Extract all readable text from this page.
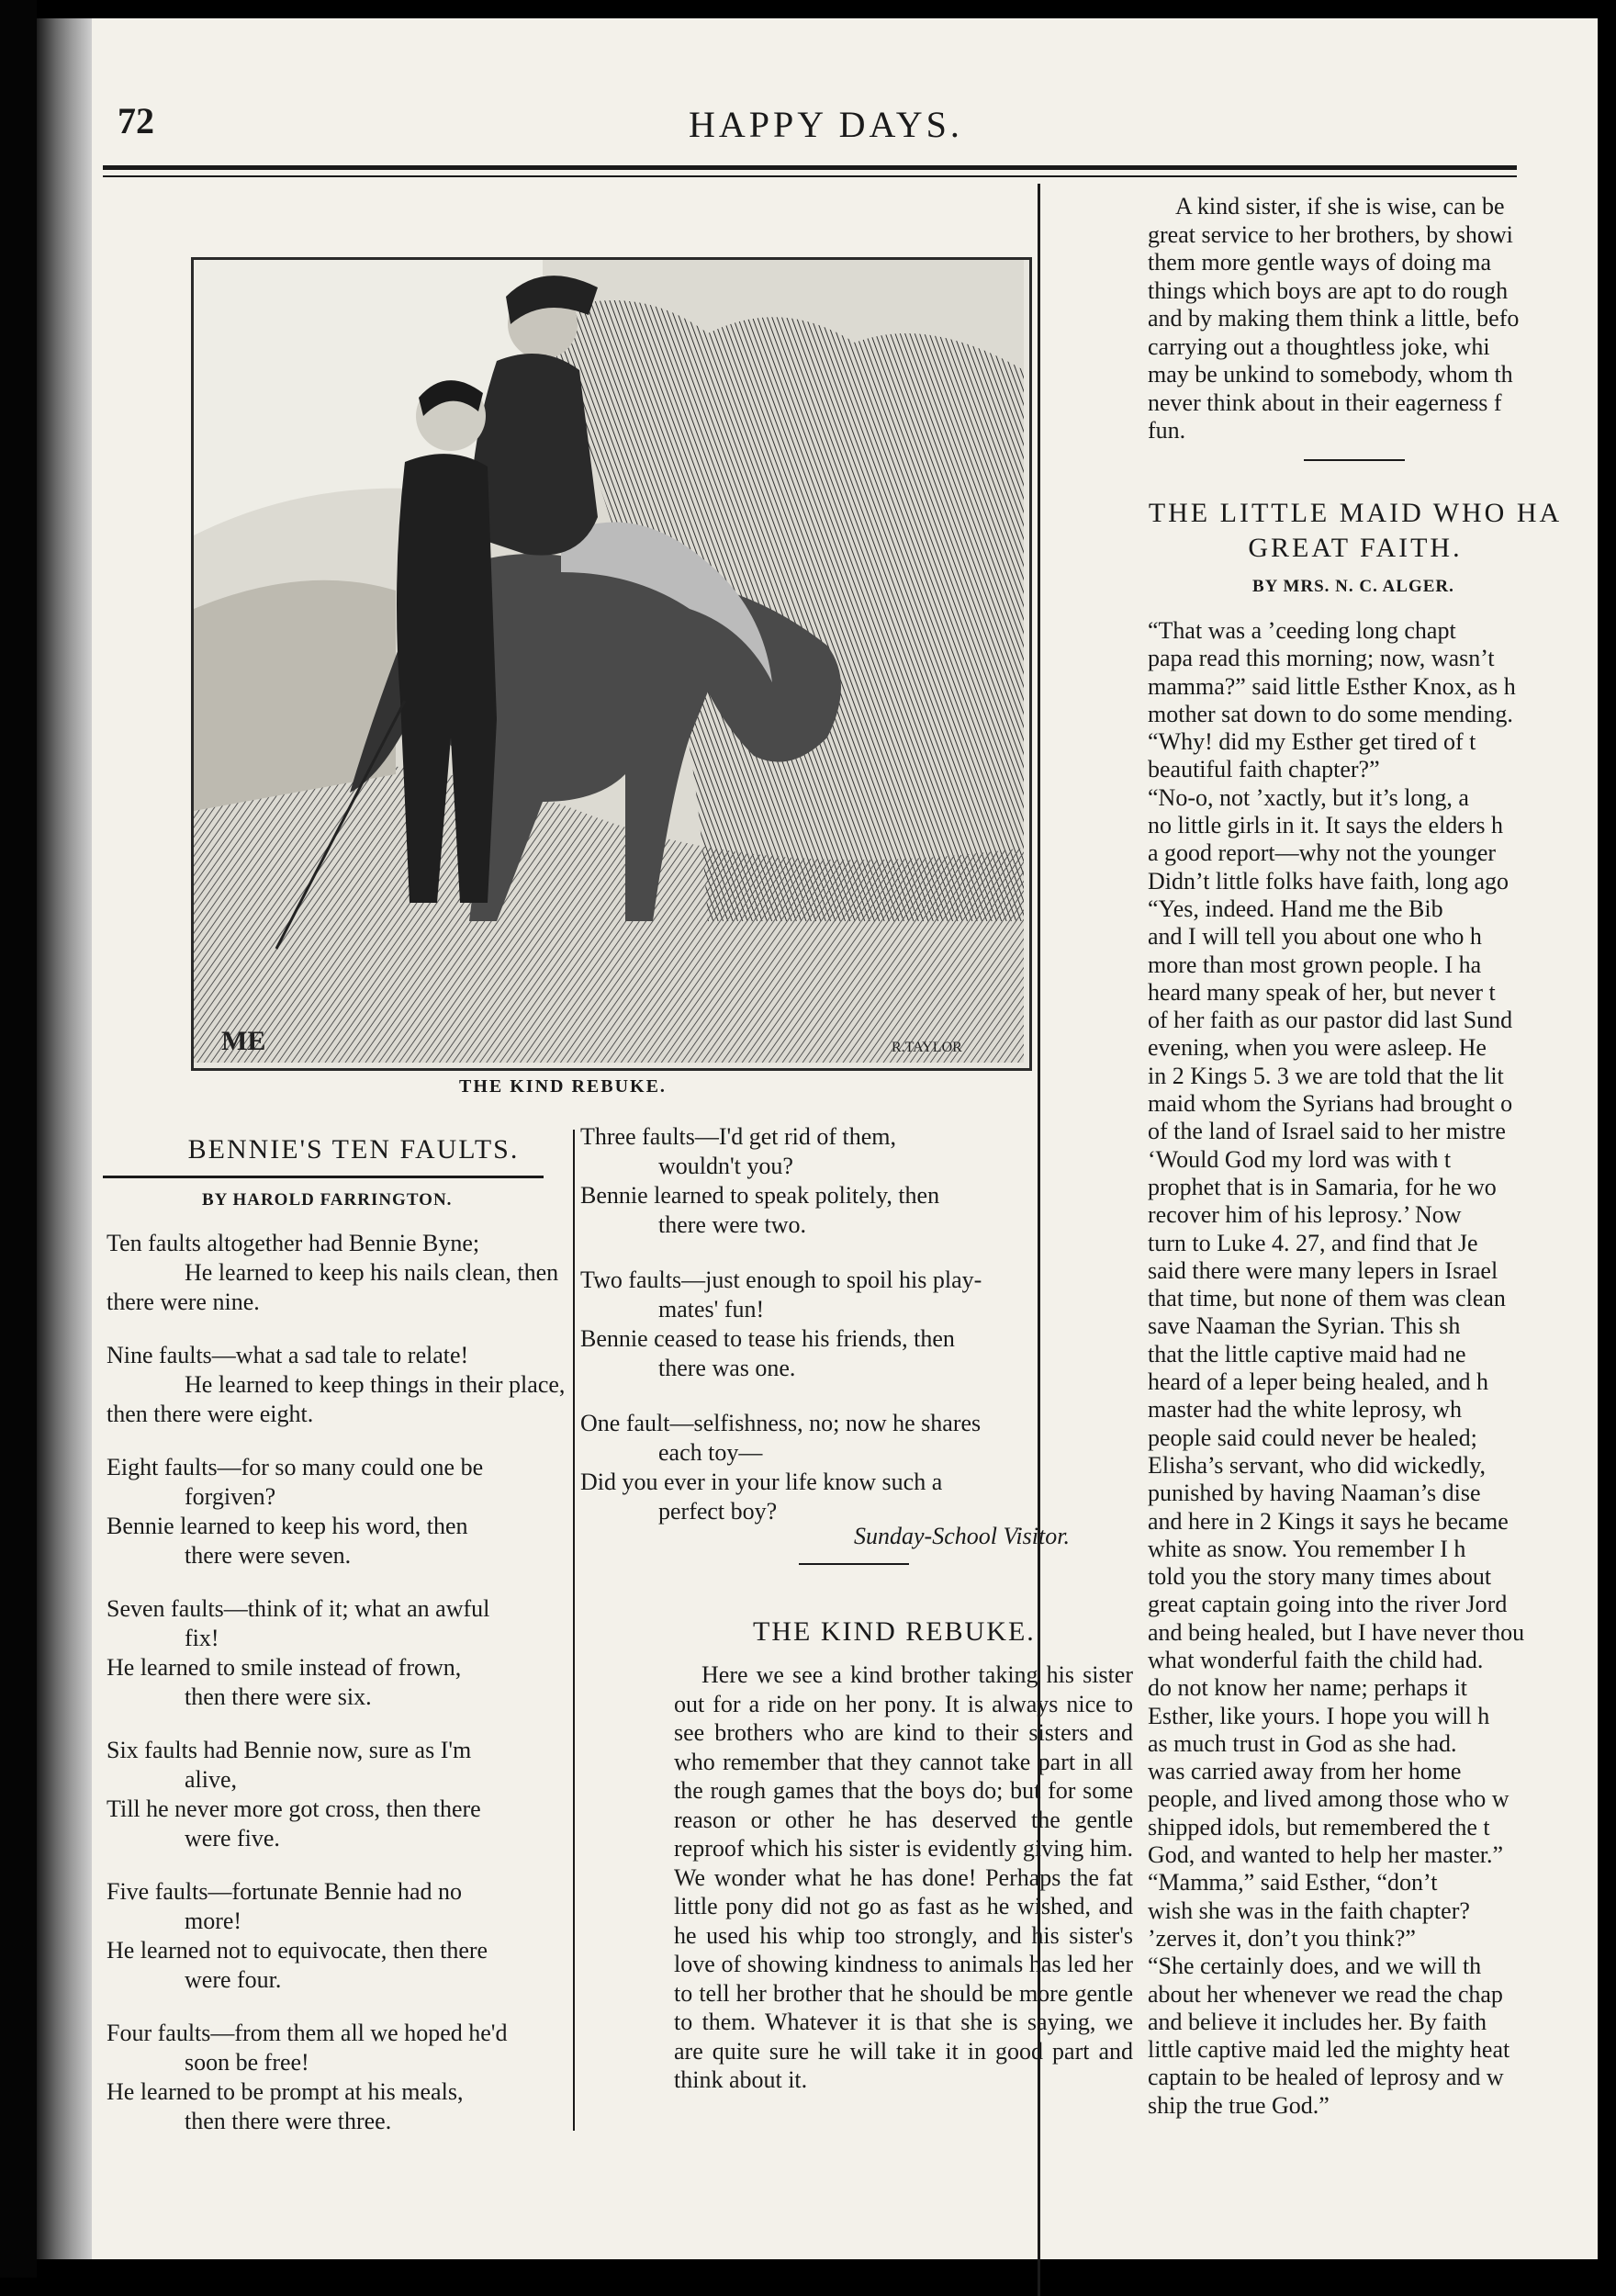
72	HAPPY DAYS.
ME	R.TAYLOR
THE KIND REBUKE.
BENNIE'S TEN FAULTS.
BY HAROLD FARRINGTON.
Ten faults altogether had Bennie Byne;
He learned to keep his nails clean, then
there were nine.
Nine faults—what a sad tale to relate!
He learned to keep things in their place,
then there were eight.
Eight faults—for so many could one be
forgiven?
Bennie learned to keep his word, then
there were seven.
Seven faults—think of it; what an awful
fix!
He learned to smile instead of frown,
then there were six.
Six faults had Bennie now, sure as I'm
alive,
Till he never more got cross, then there
were five.
Five faults—fortunate Bennie had no
more!
He learned not to equivocate, then there
were four.
Four faults—from them all we hoped he'd
soon be free!
He learned to be prompt at his meals,
then there were three.
Three faults—I'd get rid of them,
wouldn't you?
Bennie learned to speak politely, then
there were two.
Two faults—just enough to spoil his play-
mates' fun!
Bennie ceased to tease his friends, then
there was one.
One fault—selfishness, no; now he shares
each toy—
Did you ever in your life know such a
perfect boy?
Sunday-School Visitor.
THE KIND REBUKE.
Here we see a kind brother taking his sister out for a ride on her pony. It is always nice to see brothers who are kind to their sisters and who remember that they cannot take part in all the rough games that the boys do; but for some reason or other he has deserved the gentle reproof which his sister is evidently giving him. We wonder what he has done! Perhaps the fat little pony did not go as fast as he wished, and he used his whip too strongly, and his sister's love of showing kindness to animals has led her to tell her brother that he should be more gentle to them. Whatever it is that she is saying, we are quite sure he will take it in good part and think about it.
A kind sister, if she is wise, can be
great service to her brothers, by showi
them more gentle ways of doing ma
things which boys are apt to do rough
and by making them think a little, befo
carrying out a thoughtless joke, whi
may be unkind to somebody, whom th
never think about in their eagerness f
fun.
THE LITTLE MAID WHO HA
GREAT FAITH.
BY MRS. N. C. ALGER.

“That was a ’ceeding long chapt

papa read this morning; now, wasn’t

mamma?” said little Esther Knox, as h

mother sat down to do some mending.

“Why! did my Esther get tired of t

beautiful faith chapter?”

“No-o, not ’xactly, but it’s long, a

no little girls in it. It says the elders h

a good report—why not the younger

Didn’t little folks have faith, long ago

“Yes, indeed. Hand me the Bib

and I will tell you about one who h

more than most grown people. I ha

heard many speak of her, but never t

of her faith as our pastor did last Sund

evening, when you were asleep. He

in 2 Kings 5. 3 we are told that the lit

maid whom the Syrians had brought o

of the land of Israel said to her mistre

‘Would God my lord was with t

prophet that is in Samaria, for he wo

recover him of his leprosy.’ Now

turn to Luke 4. 27, and find that Je

said there were many lepers in Israel

that time, but none of them was clean

save Naaman the Syrian. This sh

that the little captive maid had ne

heard of a leper being healed, and h

master had the white leprosy, wh

people said could never be healed;

Elisha’s servant, who did wickedly,

punished by having Naaman’s dise

and here in 2 Kings it says he became

white as snow. You remember I h

told you the story many times about

great captain going into the river Jord

and being healed, but I have never thou

what wonderful faith the child had.

do not know her name; perhaps it

Esther, like yours. I hope you will h

as much trust in God as she had.

was carried away from her home

people, and lived among those who w

shipped idols, but remembered the t

God, and wanted to help her master.”

“Mamma,” said Esther, “don’t

wish she was in the faith chapter?

’zerves it, don’t you think?”

“She certainly does, and we will th

about her whenever we read the chap

and believe it includes her. By faith

little captive maid led the mighty heat

captain to be healed of leprosy and w

ship the true God.”
